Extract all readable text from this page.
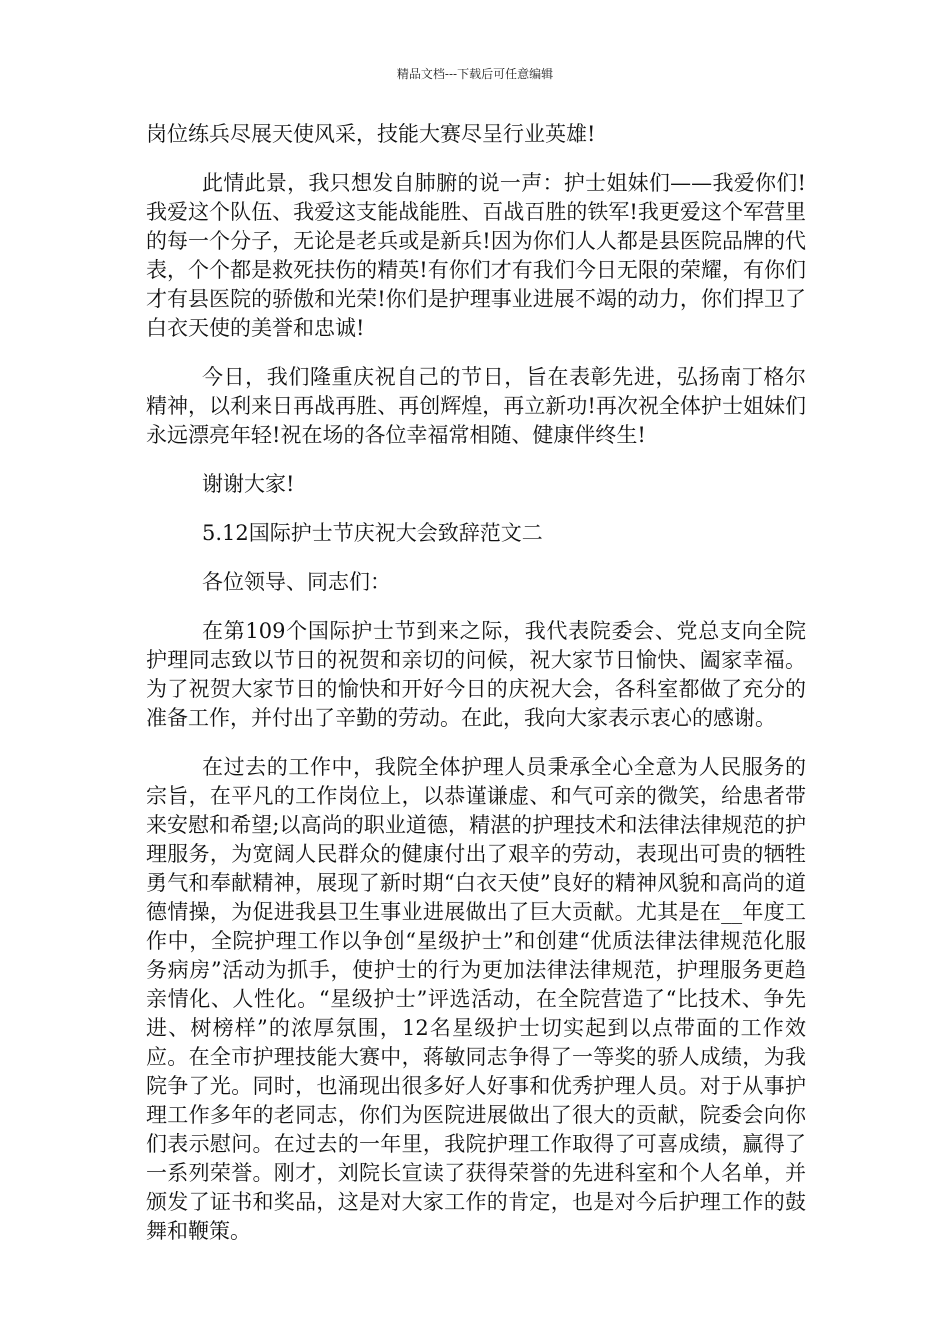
精品文档---下载后可任意编辑

岗位练兵尽展天使风采，技能大赛尽呈行业英雄!

此情此景，我只想发自肺腑的说一声：护士姐妹们——我爱你们!我爱这个队伍、我爱这支能战能胜、百战百胜的铁军!我更爱这个军营里的每一个分子，无论是老兵或是新兵!因为你们人人都是县医院品牌的代表，个个都是救死扶伤的精英!有你们才有我们今日无限的荣耀，有你们才有县医院的骄傲和光荣!你们是护理事业进展不竭的动力，你们捍卫了白衣天使的美誉和忠诚!

今日，我们隆重庆祝自己的节日，旨在表彰先进，弘扬南丁格尔精神，以利来日再战再胜、再创辉煌，再立新功!再次祝全体护士姐妹们永远漂亮年轻!祝在场的各位幸福常相随、健康伴终生!

谢谢大家!

5.12国际护士节庆祝大会致辞范文二

各位领导、同志们：

在第109个国际护士节到来之际，我代表院委会、党总支向全院护理同志致以节日的祝贺和亲切的问候，祝大家节日愉快、阖家幸福。为了祝贺大家节日的愉快和开好今日的庆祝大会，各科室都做了充分的准备工作，并付出了辛勤的劳动。在此，我向大家表示衷心的感谢。

在过去的工作中，我院全体护理人员秉承全心全意为人民服务的宗旨，在平凡的工作岗位上，以恭谨谦虚、和气可亲的微笑，给患者带来安慰和希望;以高尚的职业道德，精湛的护理技术和法律法律规范的护理服务，为宽阔人民群众的健康付出了艰辛的劳动，表现出可贵的牺牲勇气和奉献精神，展现了新时期“白衣天使”良好的精神风貌和高尚的道德情操，为促进我县卫生事业进展做出了巨大贡献。尤其是在__年度工作中，全院护理工作以争创“星级护士”和创建“优质法律法律规范化服务病房”活动为抓手，使护士的行为更加法律法律规范，护理服务更趋亲情化、人性化。“星级护士”评选活动，在全院营造了“比技术、争先进、树榜样”的浓厚氛围，12名星级护士切实起到以点带面的工作效应。在全市护理技能大赛中，蒋敏同志争得了一等奖的骄人成绩，为我院争了光。同时，也涌现出很多好人好事和优秀护理人员。对于从事护理工作多年的老同志，你们为医院进展做出了很大的贡献，院委会向你们表示慰问。在过去的一年里，我院护理工作取得了可喜成绩，赢得了一系列荣誉。刚才，刘院长宣读了获得荣誉的先进科室和个人名单，并颁发了证书和奖品，这是对大家工作的肯定，也是对今后护理工作的鼓舞和鞭策。
